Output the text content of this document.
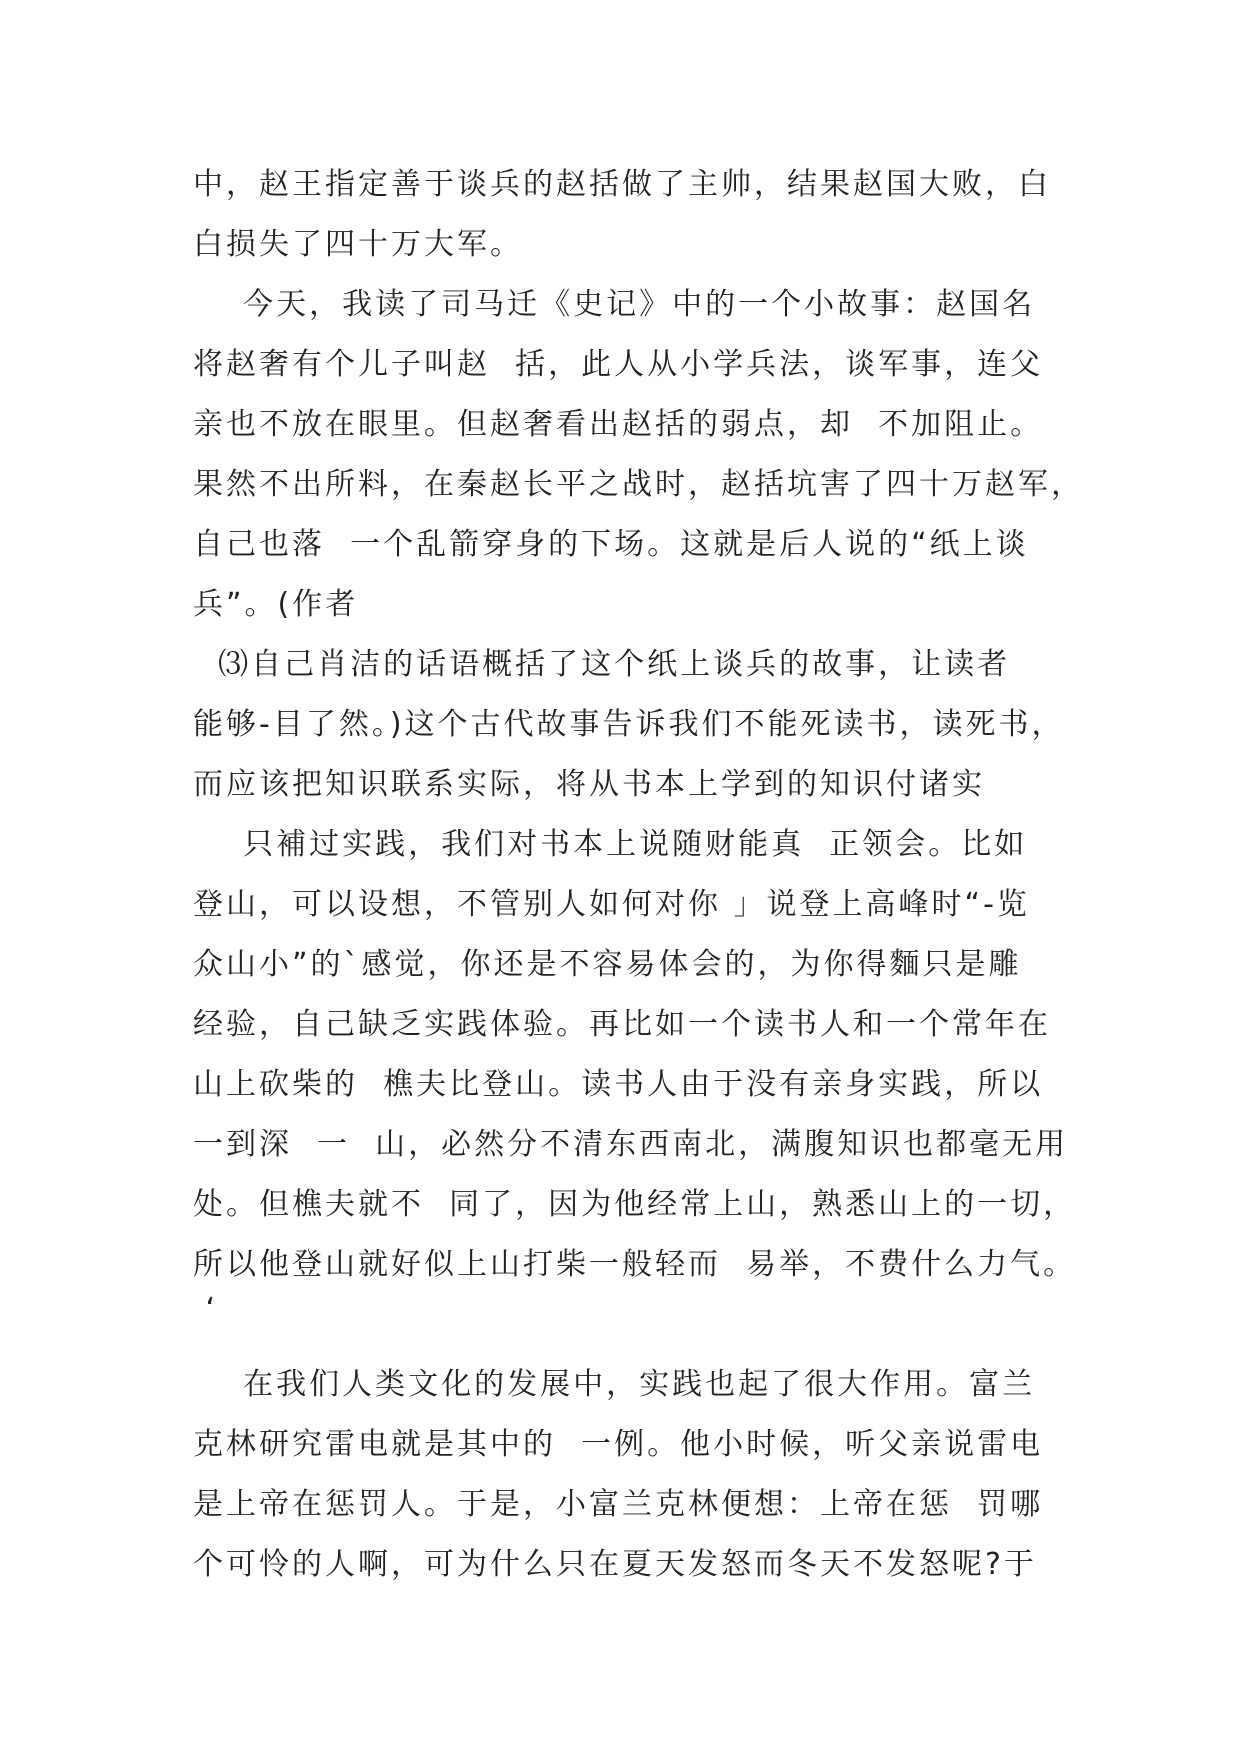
中，赵王指定善于谈兵的赵括做了主帅，结果赵国大败，白
白损失了四十万大军。
今天，我读了司马迁《史记》中的一个小故事：赵国名
将赵奢有个儿子叫赵  括，此人从小学兵法，谈军事，连父
亲也不放在眼里。但赵奢看出赵括的弱点，却  不加阻止。
果然不出所料，在秦赵长平之战时，赵括坑害了四十万赵军，
自己也落  一个乱箭穿身的下场。这就是后人说的“纸上谈
兵”。(作者
⑶自己肖洁的话语概括了这个纸上谈兵的故事，让读者
能够-目了然。)这个古代故事告诉我们不能死读书，读死书，
而应该把知识联系实际，将从书本上学到的知识付诸实
只補过实践，我们对书本上说随财能真  正领会。比如
登山，可以设想，不管别人如何对你 」说登上高峰时“-览
众山小”的`感觉，你还是不容易体会的，为你得麵只是雕
经验，自己缺乏实践体验。再比如一个读书人和一个常年在
山上砍柴的  樵夫比登山。读书人由于没有亲身实践，所以
一到深  一  山，必然分不清东西南北，满腹知识也都毫无用
处。但樵夫就不  同了，因为他经常上山，熟悉山上的一切，
所以他登山就好似上山打柴一般轻而  易举，不费什么力气。
‘
在我们人类文化的发展中，实践也起了很大作用。富兰
克林研究雷电就是其中的  一例。他小时候，听父亲说雷电
是上帝在惩罚人。于是，小富兰克林便想：上帝在惩  罚哪
个可怜的人啊，可为什么只在夏天发怒而冬天不发怒呢?于
